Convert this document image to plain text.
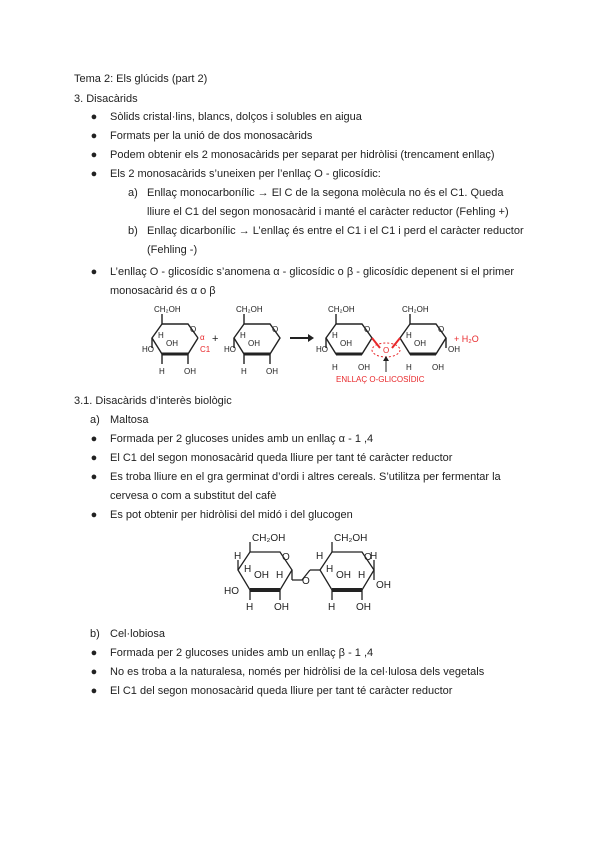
Tema 2: Els glúcids (part 2)
3. Disacàrids
● Sòlids cristal·lins, blancs, dolços i solubles en aigua
● Formats per la unió de dos monosacàrids
● Podem obtenir els 2 monosacàrids per separat per hidròlisi (trencament enllaç)
● Els 2 monosacàrids s’uneixen per l’enllaç O - glicosídic:
a) Enllaç monocarbonílic → El C de la segona molècula no és el C1. Queda
lliure el C1 del segon monosacàrid i manté el caràcter reductor (Fehling +)
b) Enllaç dicarbonílic → L’enllaç és entre el C1 i el C1 i perd el caràcter reductor
(Fehling -)
● L’enllaç O - glicosídic s’anomena α - glicosídic o β - glicosídic depenent si el primer
monosacàrid és α o β
CH₂OH	CH₂OH	CH₂OH	CH₂OH
O	O	O	O
H	H	H	H
OH	OH	OH	OH
HO	HO	HO	OH
H OH	H OH	H	OH	H	OH
+
α
C1	O
+ H₂O
ENLLAÇ O-GLICOSÍDIC
3.1. Disacàrids d’interès biològic
a) Maltosa
● Formada per 2 glucoses unides amb un enllaç α - 1 ,4
● El C1 del segon monosacàrid queda lliure per tant té caràcter reductor
● Es troba lliure en el gra germinat d’ordi i altres cereals. S’utilitza per fermentar la
cervesa o com a substitut del cafè
● Es pot obtenir per hidròlisi del midó i del glucogen
CH₂OH	CH₂OH
O	O
H	H	H
H	H
OH	OH
H	H
O
HO
OH
H OH	H OH
b) Cel·lobiosa
● Formada per 2 glucoses unides amb un enllaç β - 1 ,4
● No es troba a la naturalesa, només per hidròlisi de la cel·lulosa dels vegetals
● El C1 del segon monosacàrid queda lliure per tant té caràcter reductor
